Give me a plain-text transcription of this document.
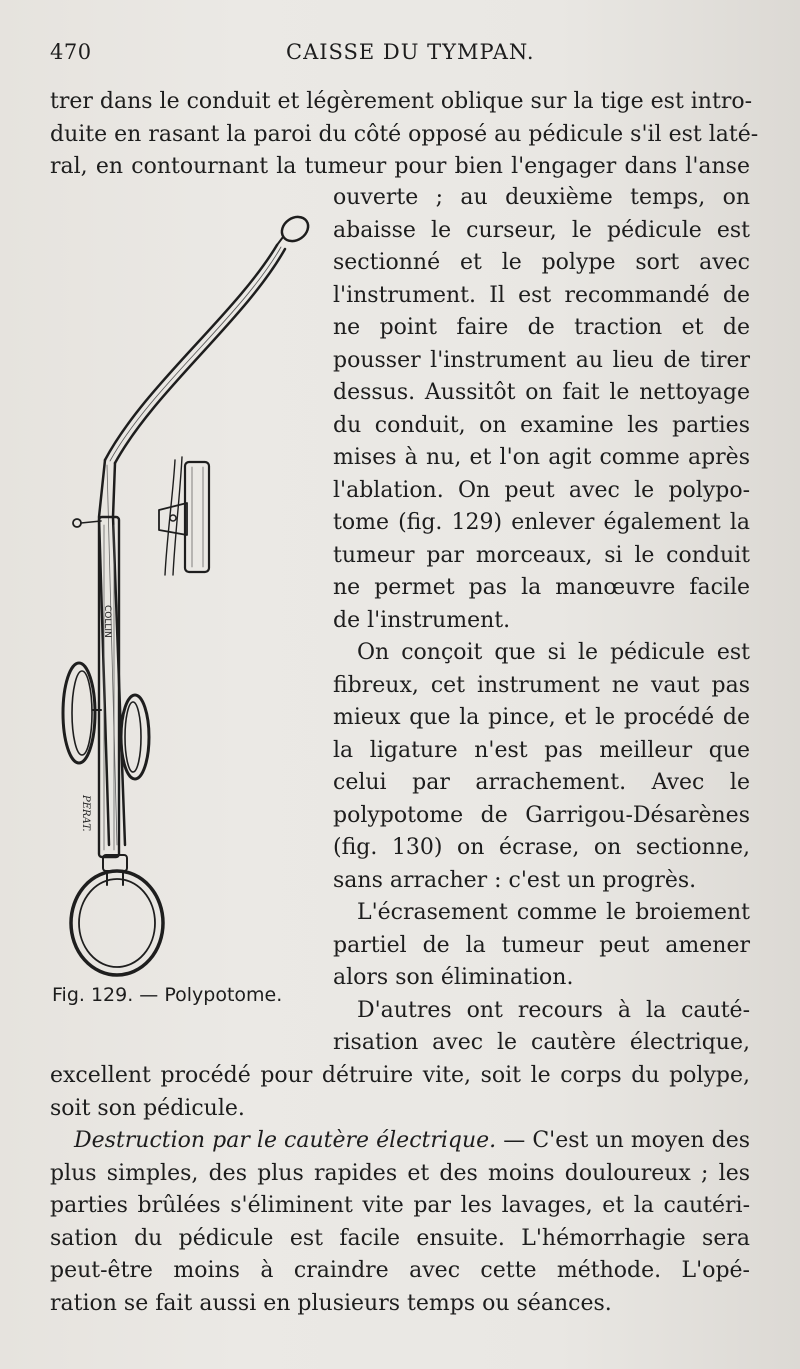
470	CAISSE DU TYMPAN.
trer dans le conduit et légèrement oblique sur la tige est intro-
duite en rasant la paroi du côté opposé au pédicule s'il est laté-
ral, en contournant la tumeur pour bien l'engager dans l'anse
ouverte ; au deuxième temps, on
abaisse le curseur, le pédicule est
sectionné et le polype sort avec
l'instrument. Il est recommandé de
ne point faire de traction et de
pousser l'instrument au lieu de tirer
dessus. Aussitôt on fait le nettoyage
du conduit, on examine les parties
mises à nu, et l'on agit comme après
l'ablation. On peut avec le polypo-
tome (fig. 129) enlever également la
tumeur par morceaux, si le conduit
ne permet pas la manœuvre facile
de l'instrument.
On conçoit que si le pédicule est
fibreux, cet instrument ne vaut pas
mieux que la pince, et le procédé de
la ligature n'est pas meilleur que
celui par arrachement. Avec le
polypotome de Garrigou-Désarènes
(fig. 130) on écrase, on sectionne,
sans arracher : c'est un progrès.
L'écrasement comme le broiement
partiel de la tumeur peut amener
alors son élimination.
D'autres ont recours à la cauté-
risation avec le cautère électrique,
excellent procédé pour détruire vite, soit le corps du polype,
soit son pédicule.
Destruction par le cautère électrique. — C'est un moyen des
plus simples, des plus rapides et des moins douloureux ; les
parties brûlées s'éliminent vite par les lavages, et la cautéri-
sation du pédicule est facile ensuite. L'hémorrhagie sera
peut-être moins à craindre avec cette méthode. L'opé-
ration se fait aussi en plusieurs temps ou séances.
COLLIN
PERAT.
Fig. 129. — Polypotome.
